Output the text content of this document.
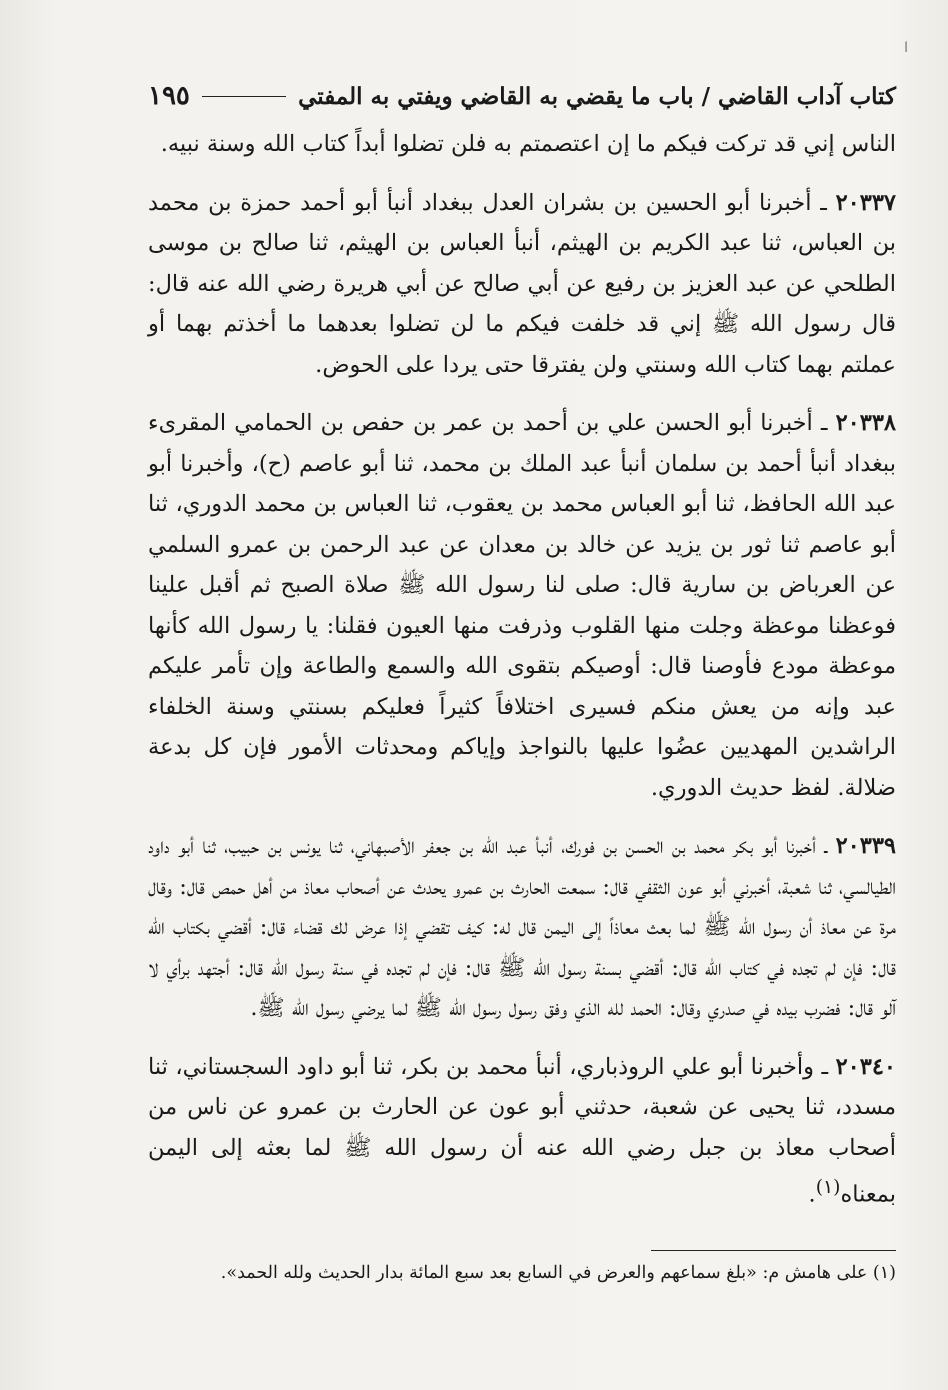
ا
كتاب آداب القاضي / باب ما يقضي به القاضي ويفتي به المفتي
١٩٥

الناس إني قد تركت فيكم ما إن اعتصمتم به فلن تضلوا أبداً كتاب الله وسنة نبيه.

٢٠٣٣٧ ـ أخبرنا أبو الحسين بن بشران العدل ببغداد أنبأ أبو أحمد حمزة بن محمد بن العباس، ثنا عبد الكريم بن الهيثم، أنبأ العباس بن الهيثم، ثنا صالح بن موسى الطلحي عن عبد العزيز بن رفيع عن أبي صالح عن أبي هريرة رضي الله عنه قال: قال رسول الله ﷺ إني قد خلفت فيكم ما لن تضلوا بعدهما ما أخذتم بهما أو عملتم بهما كتاب الله وسنتي ولن يفترقا حتى يردا على الحوض.

٢٠٣٣٨ ـ أخبرنا أبو الحسن علي بن أحمد بن عمر بن حفص بن الحمامي المقرىء ببغداد أنبأ أحمد بن سلمان أنبأ عبد الملك بن محمد، ثنا أبو عاصم (ح)، وأخبرنا أبو عبد الله الحافظ، ثنا أبو العباس محمد بن يعقوب، ثنا العباس بن محمد الدوري، ثنا أبو عاصم ثنا ثور بن يزيد عن خالد بن معدان عن عبد الرحمن بن عمرو السلمي عن العرباض بن سارية قال: صلى لنا رسول الله ﷺ صلاة الصبح ثم أقبل علينا فوعظنا موعظة وجلت منها القلوب وذرفت منها العيون فقلنا: يا رسول الله كأنها موعظة مودع فأوصنا قال: أوصيكم بتقوى الله والسمع والطاعة وإن تأمر عليكم عبد وإنه من يعش منكم فسيرى اختلافاً كثيراً فعليكم بسنتي وسنة الخلفاء الراشدين المهديين عضُوا عليها بالنواجذ وإياكم ومحدثات الأمور فإن كل بدعة ضلالة. لفظ حديث الدوري.

٢٠٣٣٩ ـ أخبرنا أبو بكر محمد بن الحسن بن فورك، أنبأ عبد الله بن جعفر الأصبهاني، ثنا يونس بن حبيب، ثنا أبو داود الطيالسي، ثنا شعبة، أخبرني أبو عون الثقفي قال: سمعت الحارث بن عمرو يحدث عن أصحاب معاذ من أهل حمص قال: وقال مرة عن معاذ أن رسول الله ﷺ لما بعث معاذاً إلى اليمن قال له: كيف تقضي إذا عرض لك قضاء قال: أقضي بكتاب الله قال: فإن لم تجده في كتاب الله قال: أقضي بسنة رسول الله ﷺ قال: فإن لم تجده في سنة رسول الله قال: أجتهد برأي لا آلو قال: فضرب بيده في صدري وقال: الحمد لله الذي وفق رسول رسول الله ﷺ لما يرضي رسول الله ﷺ.

٢٠٣٤٠ ـ وأخبرنا أبو علي الروذباري، أنبأ محمد بن بكر، ثنا أبو داود السجستاني، ثنا مسدد، ثنا يحيى عن شعبة، حدثني أبو عون عن الحارث بن عمرو عن ناس من أصحاب معاذ بن جبل رضي الله عنه أن رسول الله ﷺ لما بعثه إلى اليمن بمعناه$^{(١)}$.

(١) على هامش م: «بلغ سماعهم والعرض في السابع بعد سبع المائة بدار الحديث ولله الحمد».
